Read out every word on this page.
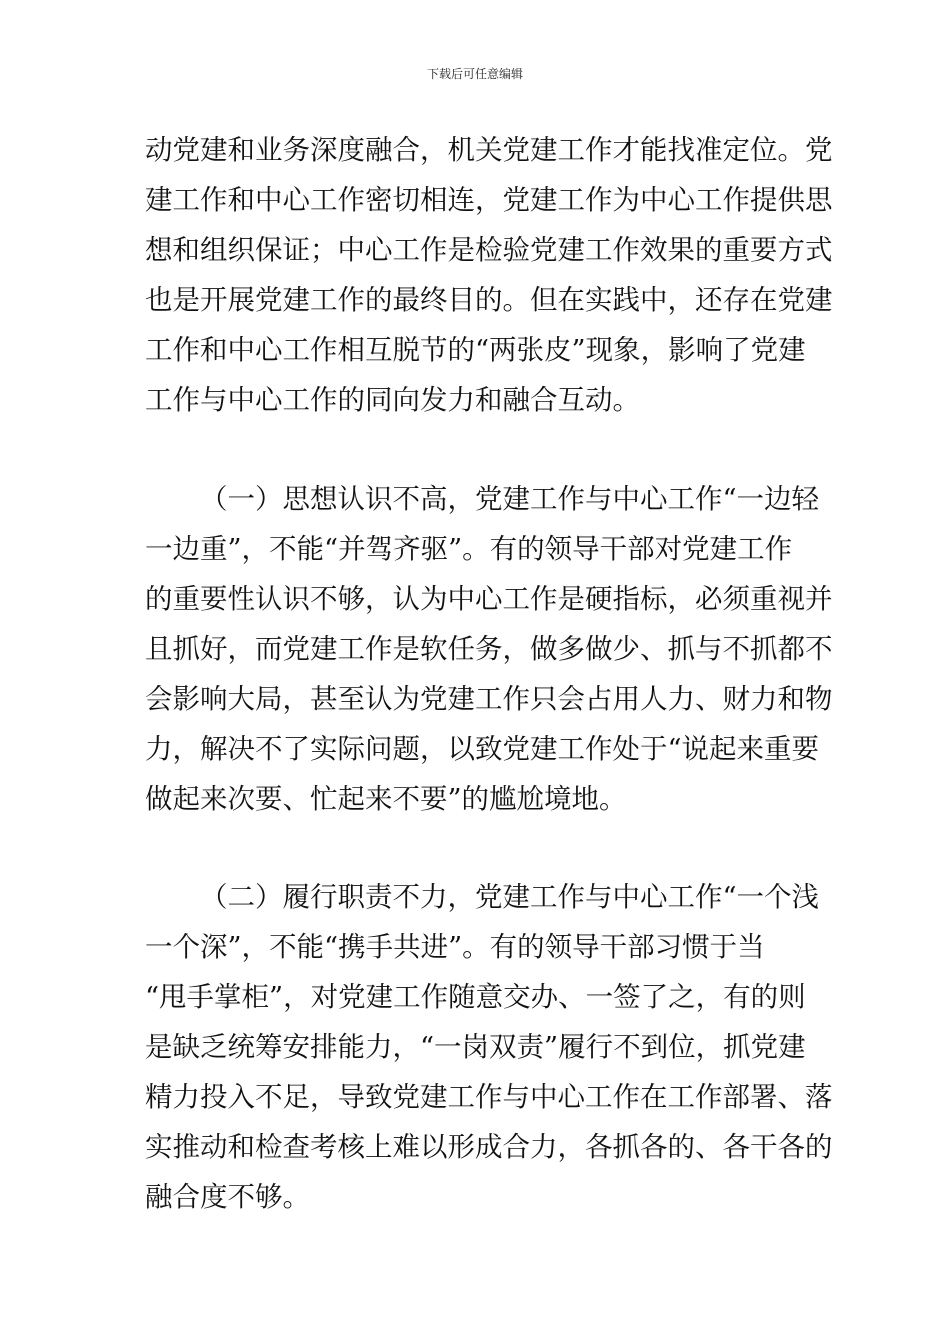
下载后可任意编辑
动党建和业务深度融合，机关党建工作才能找准定位。党
建工作和中心工作密切相连，党建工作为中心工作提供思
想和组织保证；中心工作是检验党建工作效果的重要方式
也是开展党建工作的最终目的。但在实践中，还存在党建
工作和中心工作相互脱节的“两张皮”现象，影响了党建
工作与中心工作的同向发力和融合互动。
（一）思想认识不高，党建工作与中心工作“一边轻
一边重”，不能“并驾齐驱”。有的领导干部对党建工作
的重要性认识不够，认为中心工作是硬指标，必须重视并
且抓好，而党建工作是软任务，做多做少、抓与不抓都不
会影响大局，甚至认为党建工作只会占用人力、财力和物
力，解决不了实际问题，以致党建工作处于“说起来重要
做起来次要、忙起来不要”的尴尬境地。
（二）履行职责不力，党建工作与中心工作“一个浅
一个深”，不能“携手共进”。有的领导干部习惯于当
“甩手掌柜”，对党建工作随意交办、一签了之，有的则
是缺乏统筹安排能力，“一岗双责”履行不到位，抓党建
精力投入不足，导致党建工作与中心工作在工作部署、落
实推动和检查考核上难以形成合力，各抓各的、各干各的
融合度不够。
